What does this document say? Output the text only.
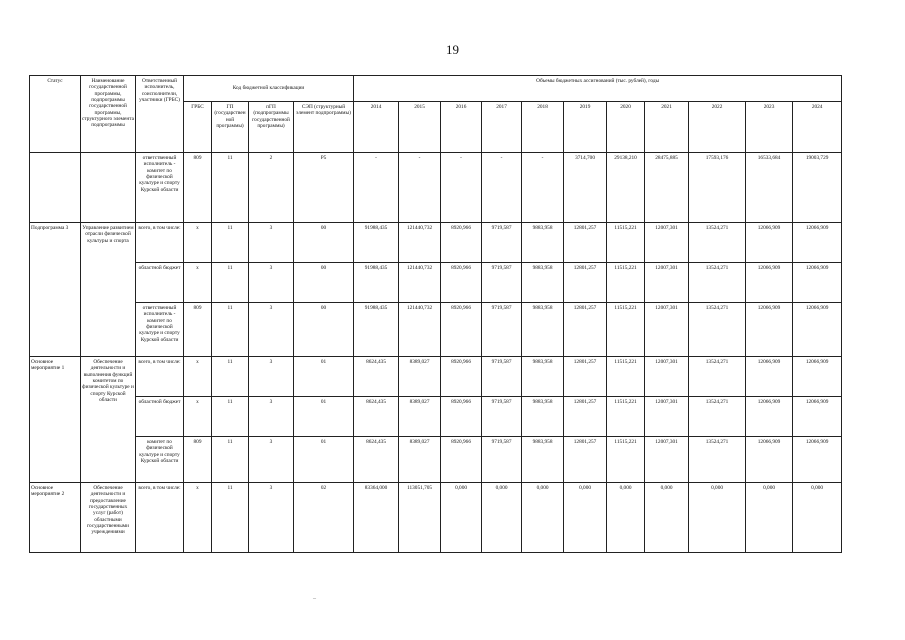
19
Статус	Наименование государственной программы, подпрограммы государственной программы, структурного элемента подпрограммы	Ответственный исполнитель, соисполнители, участники (ГРБС)	Код бюджетной классификации				Объемы бюджетных ассигнований (тыс. рублей), годы										
			ГРБС	ГП (государственной программы)	пГП (подпрограммы государственной программы)	СЭП (структурный элемент подпрограммы)	2014	2015	2016	2017	2018	2019	2020	2021	2022	2023	2024
		ответственный исполнитель - комитет по физической культуре и спорту Курской области	809	11	2	P5	-	-	-	-	-	3714,700	29138,210	28475,885	17593,176	16533,684	19003,729
Подпрограмма 3	Управление развитием отрасли физической культуры и спорта	всего, в том числе:	x	11	3	00	91988,435	121440,732	8920,966	9719,587	9883,958	12801,257	11515,221	12007,301	13524,271	12066,909	12066,909
		областной бюджет	x	11	3	00	91988,435	121440,732	8920,966	9719,587	9883,958	12801,257	11515,221	12007,301	13524,271	12066,909	12066,909
		ответственный исполнитель - комитет по физической культуре и спорту Курской области	809	11	3	00	91988,435	121440,732	8920,966	9719,587	9883,958	12801,257	11515,221	12007,301	13524,271	12066,909	12066,909
Основное мероприятие 1	Обеспечение деятельности и выполнения функций комитетом по физической культуре и спорту Курской области	всего, в том числе:	x	11	3	01	8624,435	8389,027	8920,966	9719,587	9883,958	12801,257	11515,221	12007,301	13524,271	12066,909	12066,909
		областной бюджет	x	11	3	01	8624,435	8389,027	8920,966	9719,587	9883,958	12801,257	11515,221	12007,301	13524,271	12066,909	12066,909
		комитет по физической культуре и спорту Курской области	809	11	3	01	8624,435	8389,027	8920,966	9719,587	9883,958	12801,257	11515,221	12007,301	13524,271	12066,909	12066,909
Основное мероприятие 2	Обеспечение деятельности и предоставление государственных услуг (работ) областными государственными учреждениями	всего, в том числе:	x	11	3	02	83364,000	113051,705	0,000	0,000	0,000	0,000	0,000	0,000	0,000	0,000	0,000
–
